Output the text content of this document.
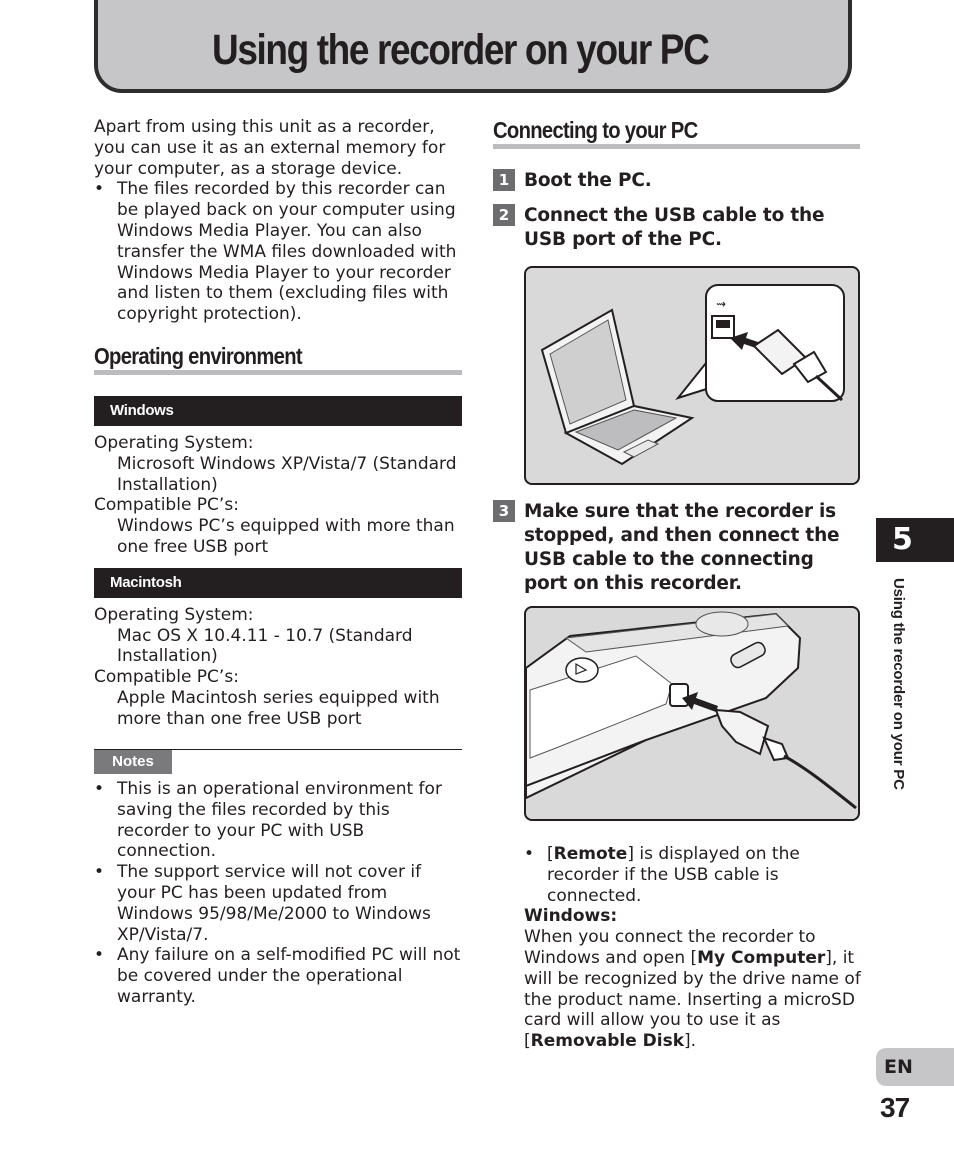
Using the recorder on your PC

Apart from using this unit as a recorder, you can use it as an external memory for your computer, as a storage device.

• The files recorded by this recorder can be played back on your computer using Windows Media Player. You can also transfer the WMA files downloaded with Windows Media Player to your recorder and listen to them (excluding files with copyright protection).

Operating environment
Windows

Operating System:

Microsoft Windows XP/Vista/7 (Standard Installation)

Compatible PC’s:

Windows PC’s equipped with more than one free USB port

Macintosh

Operating System:

Mac OS X 10.4.11 - 10.7 (Standard Installation)

Compatible PC’s:

Apple Macintosh series equipped with more than one free USB port

Notes

• This is an operational environment for saving the files recorded by this recorder to your PC with USB connection.

• The support service will not cover if your PC has been updated from Windows 95/98/Me/2000 to Windows XP/Vista/7.

• Any failure on a self-modified PC will not be covered under the operational warranty.

Connecting to your PC
1 Boot the PC.
2 Connect the USB cable to the USB port of the PC.
⇝
3 Make sure that the recorder is stopped, and then connect the USB cable to the connecting port on this recorder.

• [Remote] is displayed on the recorder if the USB cable is connected.

Windows:

When you connect the recorder to Windows and open [My Computer], it will be recognized by the drive name of the product name. Inserting a microSD card will allow you to use it as [Removable Disk].

5
Using the recorder on your PC
EN
37
